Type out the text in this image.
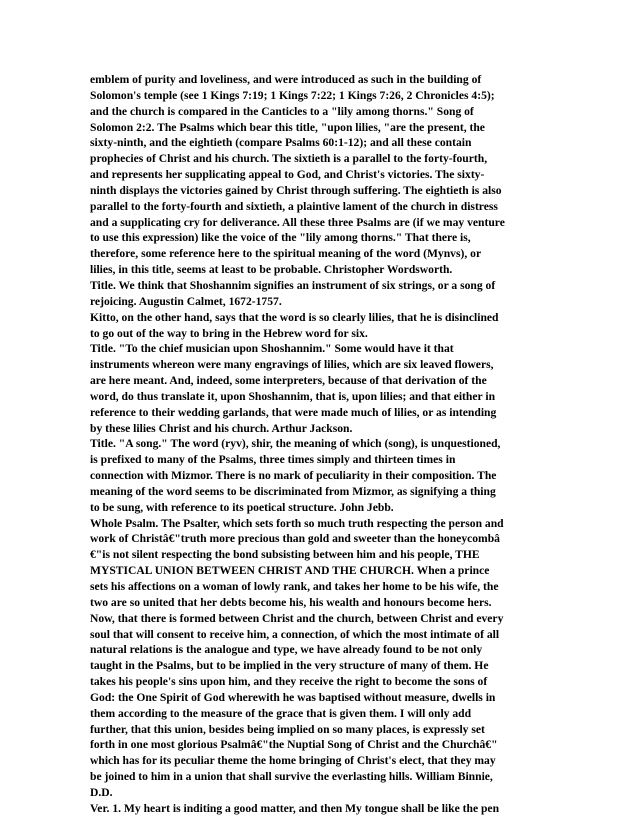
emblem of purity and loveliness, and were introduced as such in the building of
Solomon's temple (see 1 Kings 7:19; 1 Kings 7:22; 1 Kings 7:26, 2 Chronicles 4:5);
and the church is compared in the Canticles to a "lily among thorns." Song of
Solomon 2:2. The Psalms which bear this title, "upon lilies, "are the present, the
sixty-ninth, and the eightieth (compare Psalms 60:1-12); and all these contain
prophecies of Christ and his church. The sixtieth is a parallel to the forty-fourth,
and represents her supplicating appeal to God, and Christ's victories. The sixty-
ninth displays the victories gained by Christ through suffering. The eightieth is also
parallel to the forty-fourth and sixtieth, a plaintive lament of the church in distress
and a supplicating cry for deliverance. All these three Psalms are (if we may venture
to use this expression) like the voice of the "lily among thorns." That there is,
therefore, some reference here to the spiritual meaning of the word (Mynvs), or
lilies, in this title, seems at least to be probable. Christopher Wordsworth.
Title. We think that Shoshannim signifies an instrument of six strings, or a song of
rejoicing. Augustin Calmet, 1672-1757.
Kitto, on the other hand, says that the word is so clearly lilies, that he is disinclined
to go out of the way to bring in the Hebrew word for six.
Title. "To the chief musician upon Shoshannim." Some would have it that
instruments whereon were many engravings of lilies, which are six leaved flowers,
are here meant. And, indeed, some interpreters, because of that derivation of the
word, do thus translate it, upon Shoshannim, that is, upon lilies; and that either in
reference to their wedding garlands, that were made much of lilies, or as intending
by these lilies Christ and his church. Arthur Jackson.
Title. "A song." The word (ryv), shir, the meaning of which (song), is unquestioned,
is prefixed to many of the Psalms, three times simply and thirteen times in
connection with Mizmor. There is no mark of peculiarity in their composition. The
meaning of the word seems to be discriminated from Mizmor, as signifying a thing
to be sung, with reference to its poetical structure. John Jebb.
Whole Psalm. The Psalter, which sets forth so much truth respecting the person and
work of Christâ€"truth more precious than gold and sweeter than the honeycombâ
€"is not silent respecting the bond subsisting between him and his people, THE
MYSTICAL UNION BETWEEN CHRIST AND THE CHURCH. When a prince
sets his affections on a woman of lowly rank, and takes her home to be his wife, the
two are so united that her debts become his, his wealth and honours become hers.
Now, that there is formed between Christ and the church, between Christ and every
soul that will consent to receive him, a connection, of which the most intimate of all
natural relations is the analogue and type, we have already found to be not only
taught in the Psalms, but to be implied in the very structure of many of them. He
takes his people's sins upon him, and they receive the right to become the sons of
God: the One Spirit of God wherewith he was baptised without measure, dwells in
them according to the measure of the grace that is given them. I will only add
further, that this union, besides being implied on so many places, is expressly set
forth in one most glorious Psalmâ€"the Nuptial Song of Christ and the Churchâ€"
which has for its peculiar theme the home bringing of Christ's elect, that they may
be joined to him in a union that shall survive the everlasting hills. William Binnie,
D.D.
Ver. 1. My heart is inditing a good matter, and then My tongue shall be like the pen
